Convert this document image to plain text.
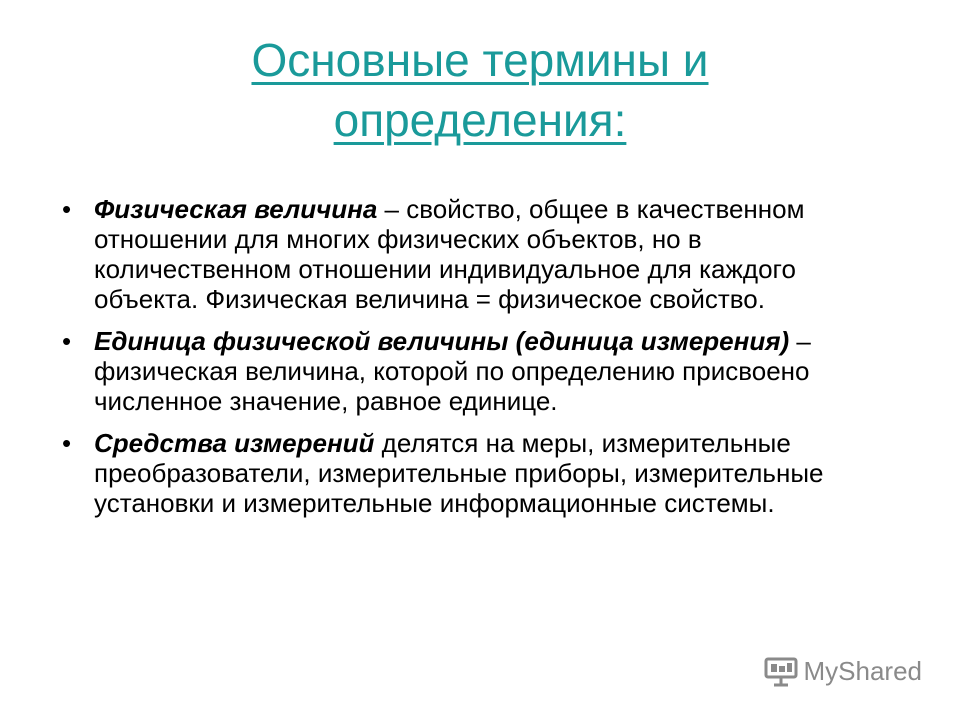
Основные термины и
определения:
• Физическая величина – свойство, общее в качественном отношении для многих физических объектов, но в количественном отношении индивидуальное для каждого объекта. Физическая величина = физическое свойство.
• Единица физической величины (единица измерения) – физическая величина, которой по определению присвоено численное значение, равное единице.
• Средства измерений делятся на меры, измерительные преобразователи, измерительные приборы, измерительные установки и измерительные информационные системы.
MyShared
